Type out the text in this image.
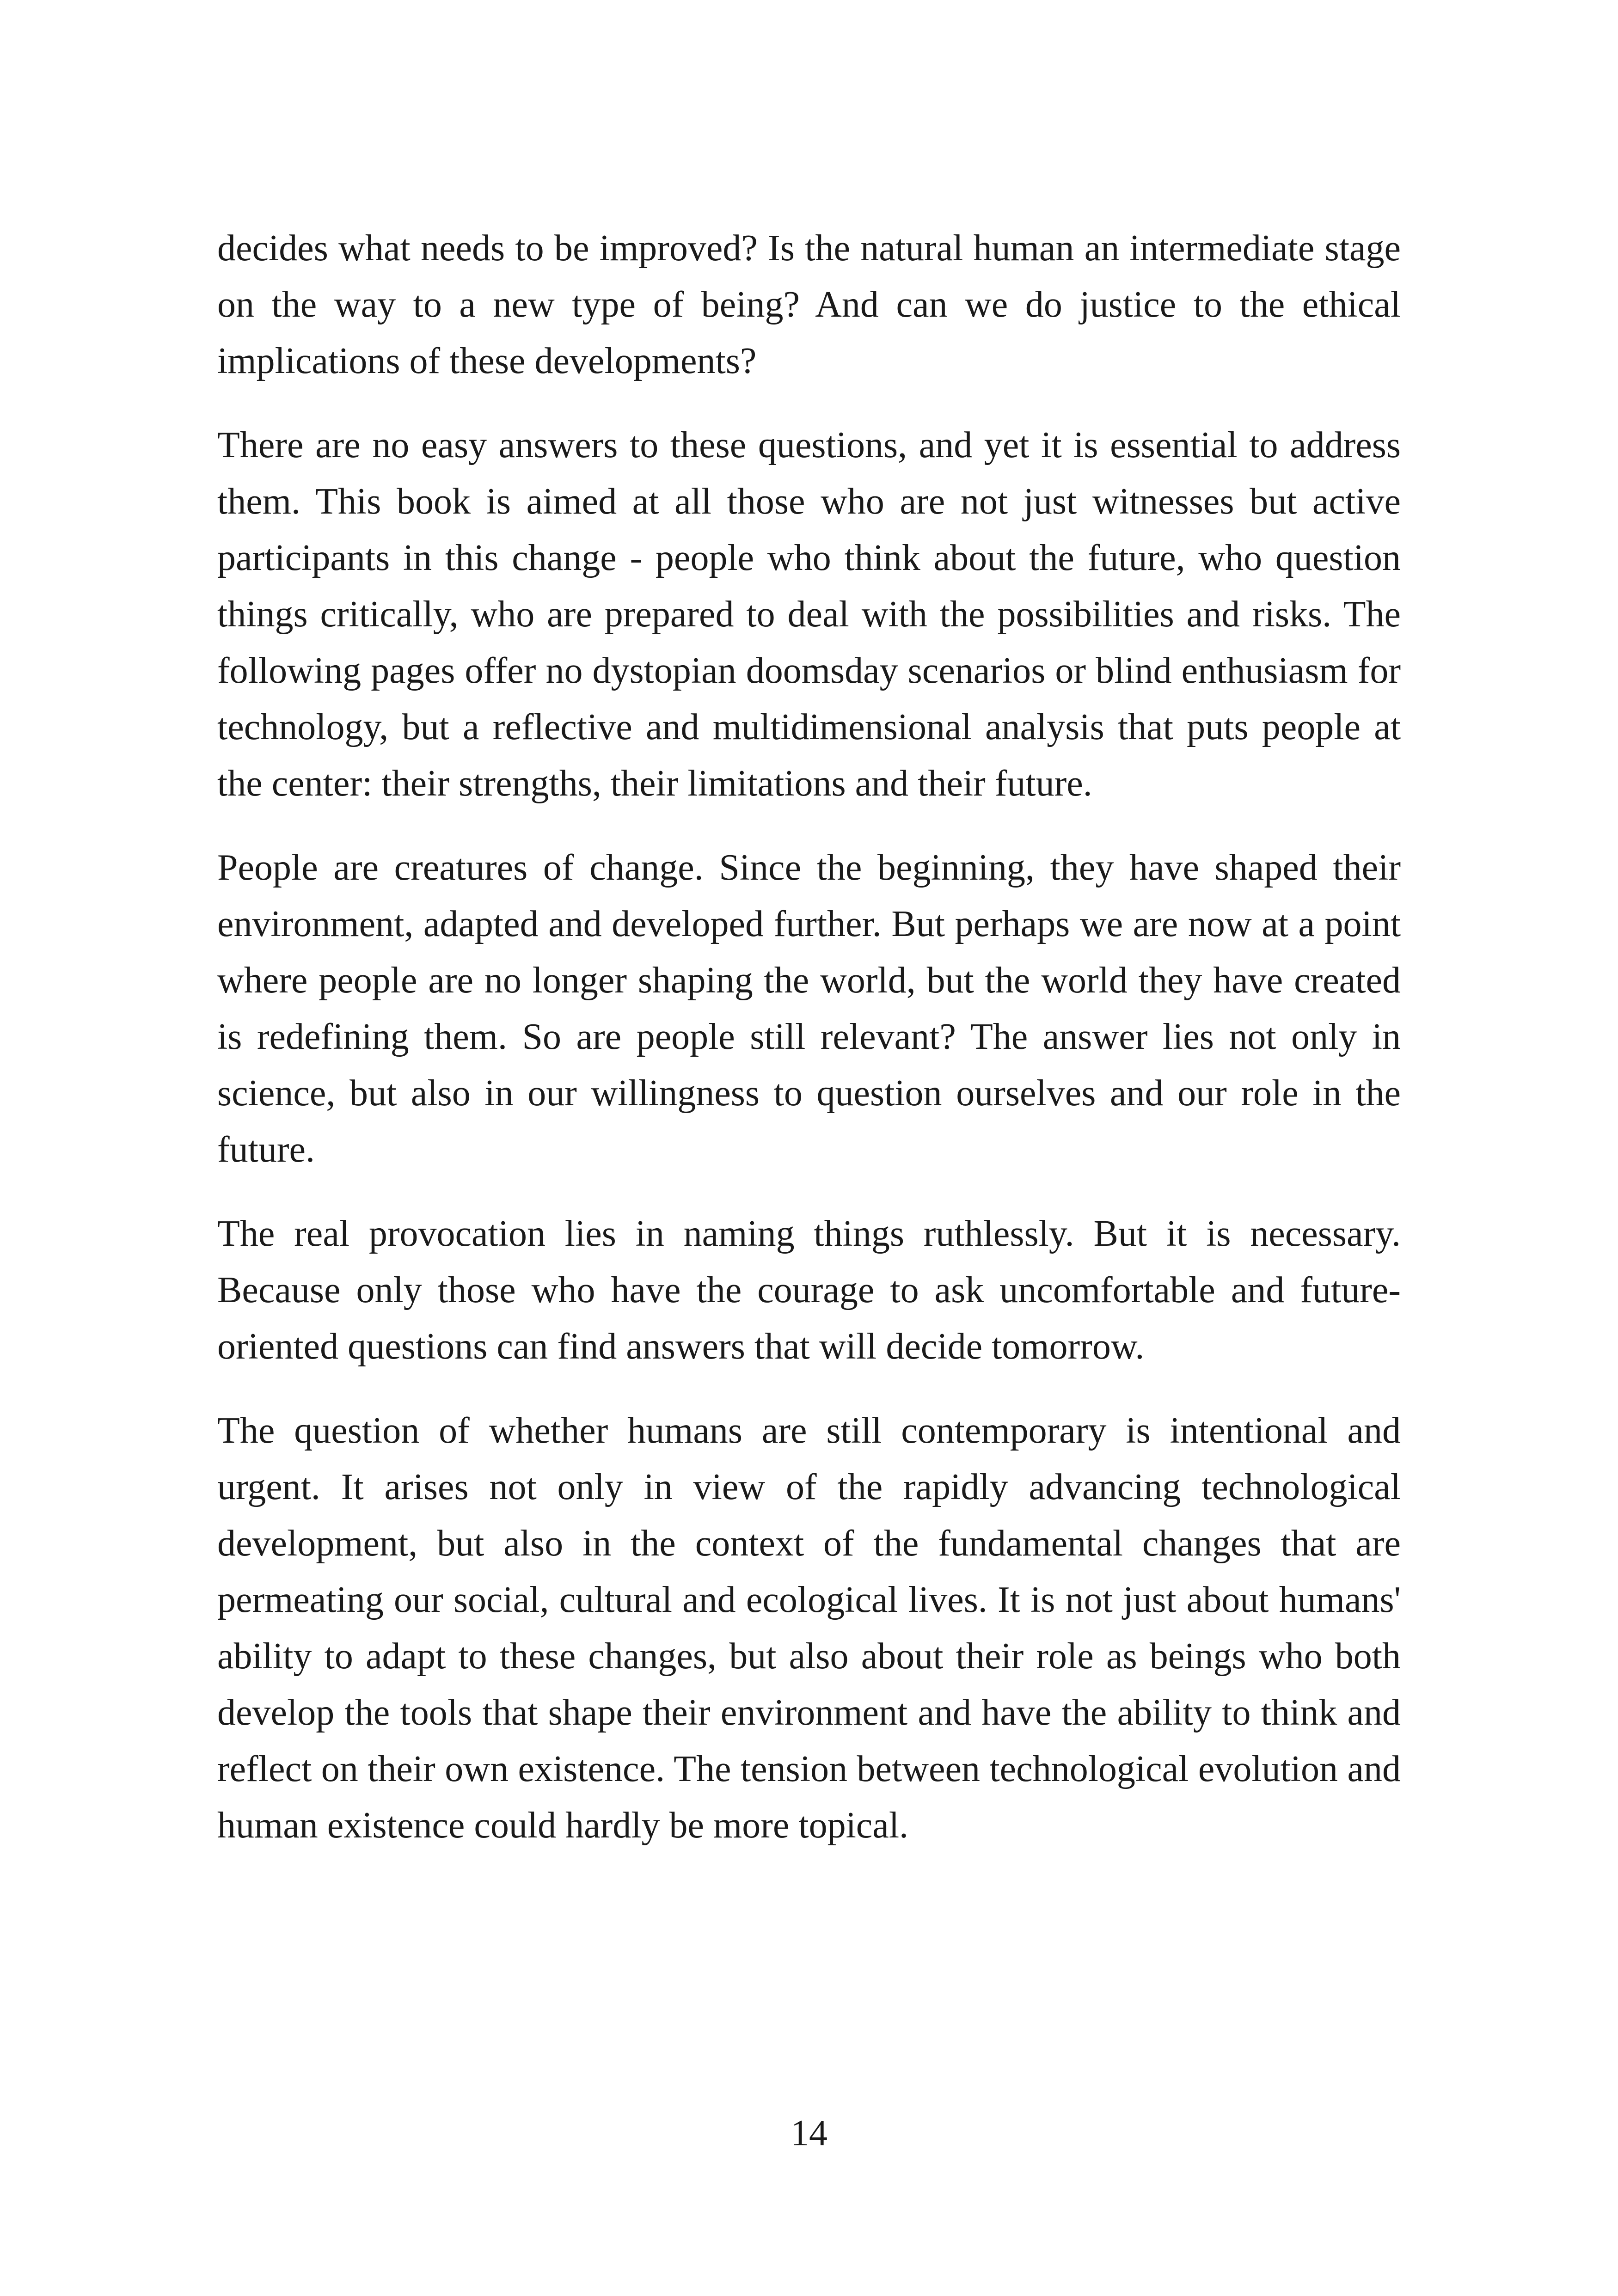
decides what needs to be improved? Is the natural human an intermediate stage on the way to a new type of being? And can we do justice to the ethical implications of these developments?

There are no easy answers to these questions, and yet it is essential to address them. This book is aimed at all those who are not just witnesses but active participants in this change - people who think about the future, who question things critically, who are prepared to deal with the possibilities and risks. The following pages offer no dystopian doomsday scenarios or blind enthusiasm for technology, but a reflective and multidimensional analysis that puts people at the center: their strengths, their limitations and their future.

People are creatures of change. Since the beginning, they have shaped their environment, adapted and developed further. But perhaps we are now at a point where people are no longer shaping the world, but the world they have created is redefining them. So are people still relevant? The answer lies not only in science, but also in our willingness to question ourselves and our role in the future.

The real provocation lies in naming things ruthlessly. But it is necessary. Because only those who have the courage to ask uncomfortable and future-oriented questions can find answers that will decide tomorrow.

The question of whether humans are still contemporary is intentional and urgent. It arises not only in view of the rapidly advancing technological development, but also in the context of the fundamental changes that are permeating our social, cultural and ecological lives. It is not just about humans' ability to adapt to these changes, but also about their role as beings who both develop the tools that shape their environment and have the ability to think and reflect on their own existence. The tension between technological evolution and human existence could hardly be more topical.

14
